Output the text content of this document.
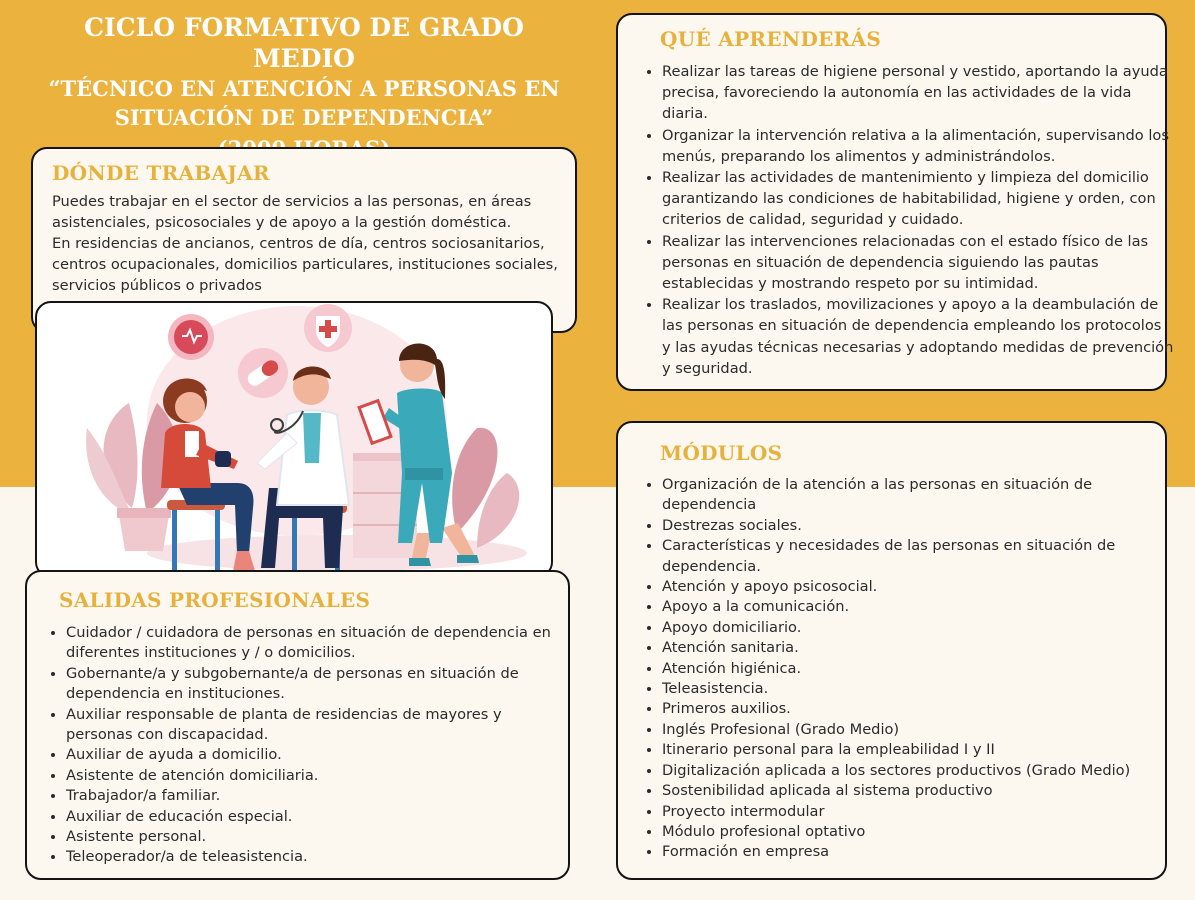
CICLO FORMATIVO DE GRADO MEDIO
“TÉCNICO EN ATENCIÓN A PERSONAS EN
SITUACIÓN DE DEPENDENCIA”
DÓNDE TRABAJAR

Puedes trabajar en el sector de servicios a las personas, en áreas asistenciales, psicosociales y de apoyo a la gestión doméstica.

En residencias de ancianos, centros de día, centros sociosanitarios, centros ocupacionales, domicilios particulares, instituciones sociales, servicios públicos o privados

SALIDAS PROFESIONALES
• Cuidador / cuidadora de personas en situación de dependencia en diferentes instituciones y / o domicilios.
• Gobernante/a y subgobernante/a de personas en situación de dependencia en instituciones.
• Auxiliar responsable de planta de residencias de mayores y personas con discapacidad.
• Auxiliar de ayuda a domicilio.
• Asistente de atención domiciliaria.
• Trabajador/a familiar.
• Auxiliar de educación especial.
• Asistente personal.
• Teleoperador/a de teleasistencia.
QUÉ APRENDERÁS
• Realizar las tareas de higiene personal y vestido, aportando la ayuda precisa, favoreciendo la autonomía en las actividades de la vida diaria.
• Organizar la intervención relativa a la alimentación, supervisando los menús, preparando los alimentos y administrándolos.
• Realizar las actividades de mantenimiento y limpieza del domicilio garantizando las condiciones de habitabilidad, higiene y orden, con criterios de calidad, seguridad y cuidado.
• Realizar las intervenciones relacionadas con el estado físico de las personas en situación de dependencia siguiendo las pautas establecidas y mostrando respeto por su intimidad.
• Realizar los traslados, movilizaciones y apoyo a la deambulación de las personas en situación de dependencia empleando los protocolos y las ayudas técnicas necesarias y adoptando medidas de prevención y seguridad.
MÓDULOS
• Organización de la atención a las personas en situación de dependencia
• Destrezas sociales.
• Características y necesidades de las personas en situación de dependencia.
• Atención y apoyo psicosocial.
• Apoyo a la comunicación.
• Apoyo domiciliario.
• Atención sanitaria.
• Atención higiénica.
• Teleasistencia.
• Primeros auxilios.
• Inglés Profesional (Grado Medio)
• Itinerario personal para la empleabilidad I y II
• Digitalización aplicada a los sectores productivos (Grado Medio)
• Sostenibilidad aplicada al sistema productivo
• Proyecto intermodular
• Módulo profesional optativo
• Formación en empresa
